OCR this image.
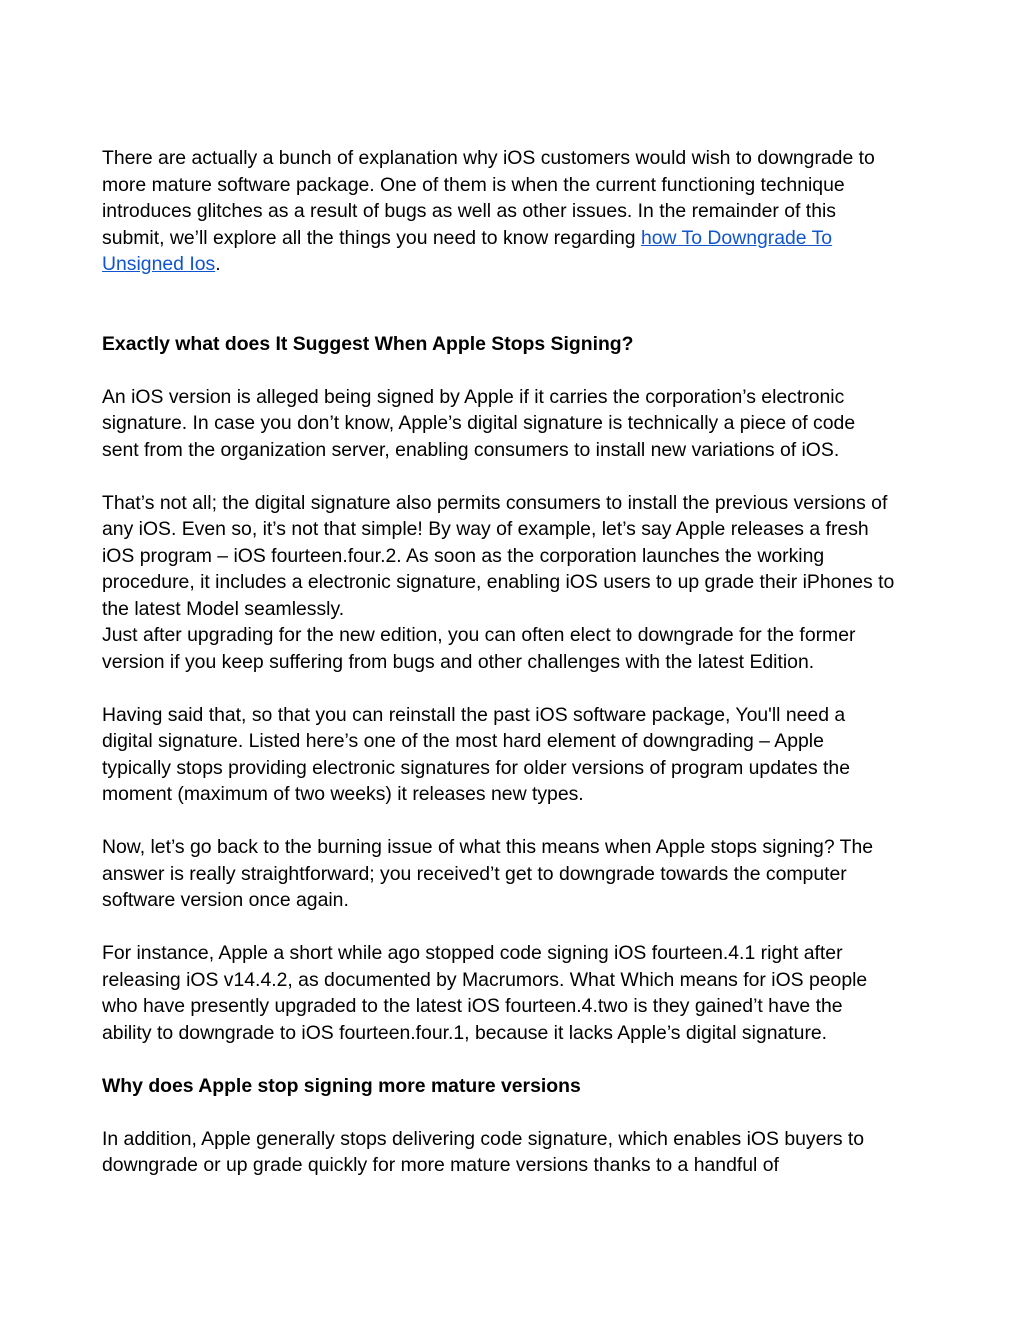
There are actually a bunch of explanation why iOS customers would wish to downgrade to
more mature software package. One of them is when the current functioning technique
introduces glitches as a result of bugs as well as other issues. In the remainder of this
submit, we’ll explore all the things you need to know regarding how To Downgrade To
Unsigned Ios.

Exactly what does It Suggest When Apple Stops Signing?

An iOS version is alleged being signed by Apple if it carries the corporation’s electronic
signature. In case you don’t know, Apple’s digital signature is technically a piece of code
sent from the organization server, enabling consumers to install new variations of iOS.

That’s not all; the digital signature also permits consumers to install the previous versions of
any iOS. Even so, it’s not that simple! By way of example, let’s say Apple releases a fresh
iOS program – iOS fourteen.four.2. As soon as the corporation launches the working
procedure, it includes a electronic signature, enabling iOS users to up grade their iPhones to
the latest Model seamlessly.
Just after upgrading for the new edition, you can often elect to downgrade for the former
version if you keep suffering from bugs and other challenges with the latest Edition.

Having said that, so that you can reinstall the past iOS software package, You'll need a
digital signature. Listed here’s one of the most hard element of downgrading – Apple
typically stops providing electronic signatures for older versions of program updates the
moment (maximum of two weeks) it releases new types.

Now, let’s go back to the burning issue of what this means when Apple stops signing? The
answer is really straightforward; you received’t get to downgrade towards the computer
software version once again.

For instance, Apple a short while ago stopped code signing iOS fourteen.4.1 right after
releasing iOS v14.4.2, as documented by Macrumors. What Which means for iOS people
who have presently upgraded to the latest iOS fourteen.4.two is they gained’t have the
ability to downgrade to iOS fourteen.four.1, because it lacks Apple’s digital signature.

Why does Apple stop signing more mature versions

In addition, Apple generally stops delivering code signature, which enables iOS buyers to
downgrade or up grade quickly for more mature versions thanks to a handful of
